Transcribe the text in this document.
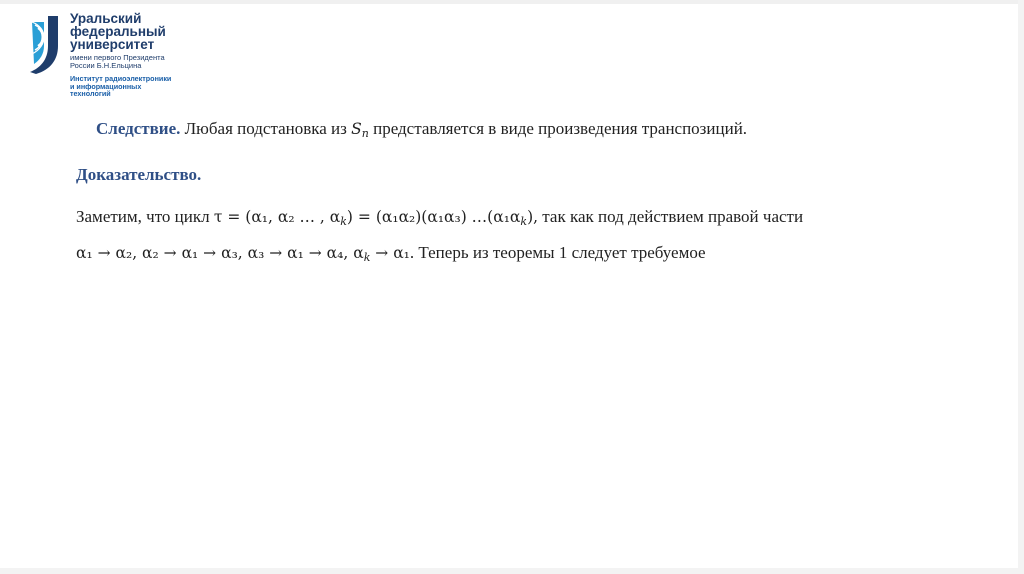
Уральский
федеральный
университет
имени первого Президента
России Б.Н.Ельцина
Институт радиоэлектроники
и информационных
технологий
Следствие. Любая подстановка из $S_n$ представляется в виде произведения транспозиций.
Доказательство.
Заметим, что цикл τ = (α₁, α₂ … , $\alpha_k) = (\alpha_1\alpha_2)(\alpha_1\alpha_3)$ $\dots(\alpha_1\alpha_k)$, так как под действием правой части
α₁ → α₂, α₂ → α₁ → α₃, α₃ → α₁ → α₄, $\alpha_k \to \alpha_1$. Теперь из теоремы 1 следует требуемое
